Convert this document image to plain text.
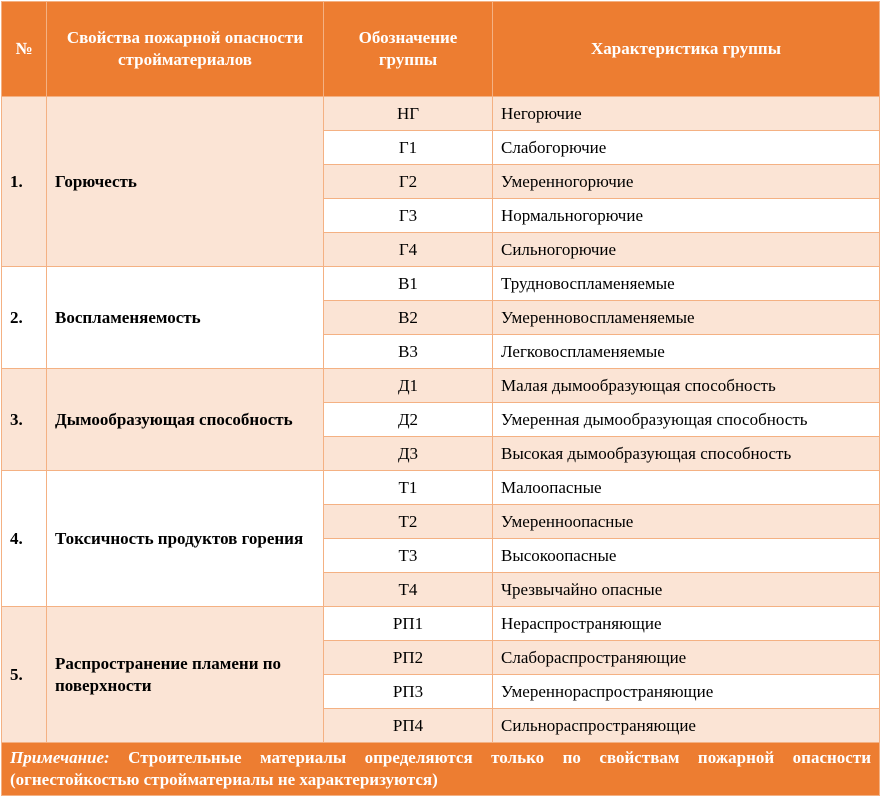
№	Свойства пожарной опасности стройматериалов	Обозначение группы	Характеристика группы
1.	Горючесть	НГ	Негорючие
		Г1	Слабогорючие
		Г2	Умеренногорючие
		Г3	Нормальногорючие
		Г4	Сильногорючие
2.	Воспламеняемость	В1	Трудновоспламеняемые
		В2	Умеренновоспламеняемые
		В3	Легковоспламеняемые
3.	Дымообразующая способность	Д1	Малая дымообразующая способность
		Д2	Умеренная дымообразующая способность
		Д3	Высокая дымообразующая способность
4.	Токсичность продуктов горения	Т1	Малоопасные
		Т2	Умеренноопасные
		Т3	Высокоопасные
		Т4	Чрезвычайно опасные
5.	Распространение пламени по поверхности	РП1	Нераспространяющие
		РП2	Слабораспространяющие
		РП3	Умереннораспространяющие
		РП4	Сильнораспространяющие
Примечание: Строительные материалы определяются только по свойствам пожарной опасности (огнестойкостью стройматериалы не характеризуются)			
